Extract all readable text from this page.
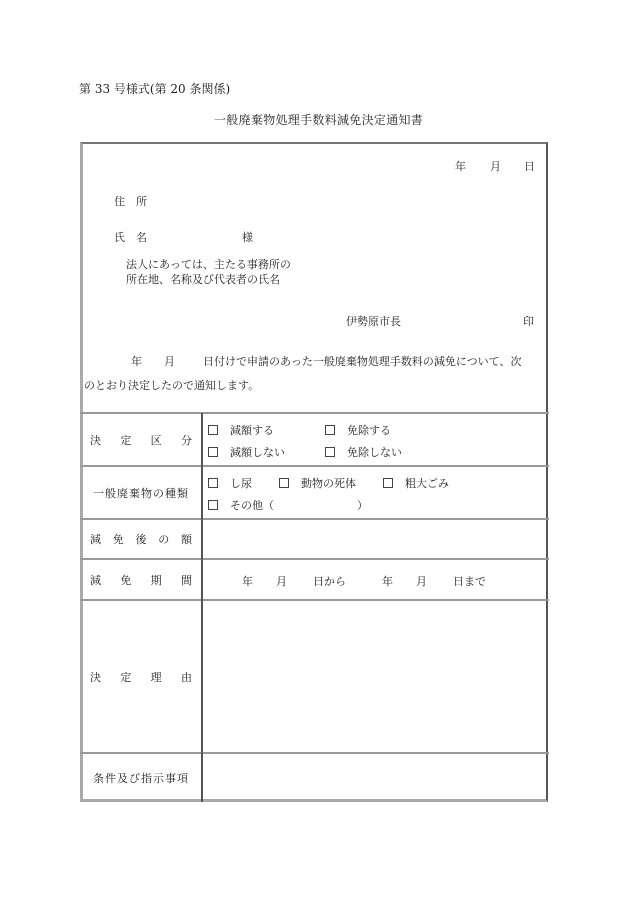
第 33 号様式(第 20 条関係)
一般廃棄物処理手数料減免決定通知書
年 月 日
住　所
氏　名	様
法人にあっては、主たる事務所の
所在地、名称及び代表者の氏名
伊勢原市長	印
年 月	日付けで申請のあった一般廃棄物処理手数料の減免について、次
のとおり決定したので通知します。
決 定 区 分
減額する	免除する
減額しない	免除しない
一般廃棄物の種類
し尿	動物の死体	粗大ごみ
その他（	）
減 免 後 の 額
減 免 期 間	年 月 日から	年 月 日まで
決 定 理 由
条件及び指示事項
